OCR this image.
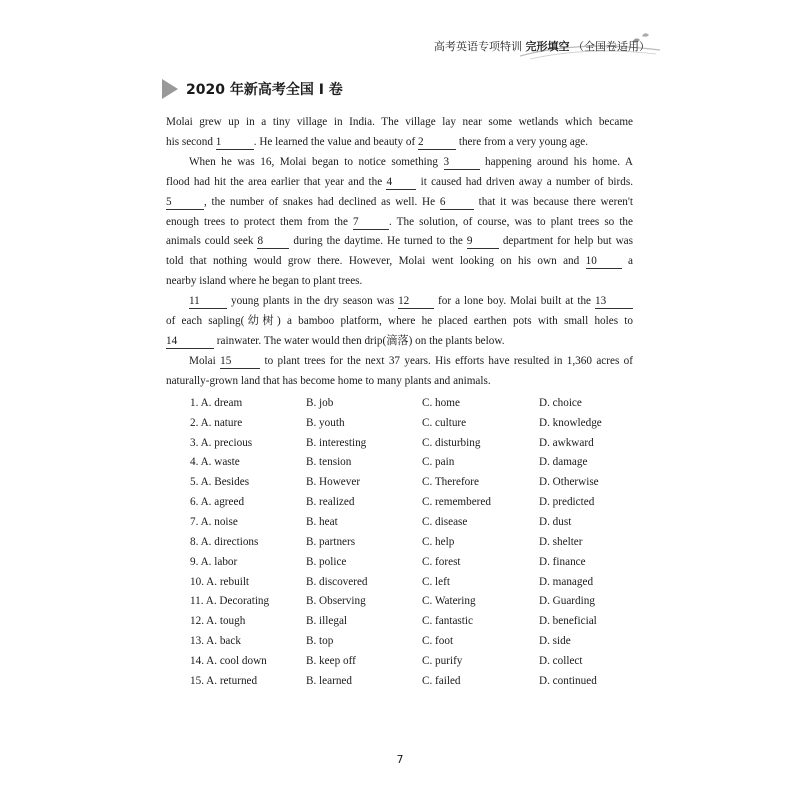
高考英语专项特训 完形填空 （全国卷适用）
2020 年新高考全国 I 卷

Molai grew up in a tiny village in India. The village lay near some wetlands which became

his second 1	. He learned the value and beauty of 2	there from a very young age.

When he was 16, Molai began to notice something 3	happening around his home. A

flood had hit the area earlier that year and the 4 it caused had driven away a number of birds.

5	, the number of snakes had declined as well. He 6	that it was because there weren't

enough trees to protect them from the 7	. The solution, of course, was to plant trees so the

animals could seek 8 during the daytime. He turned to the 9 department for help but was

told that nothing would grow there. However, Molai went looking on his own and 10 a

nearby island where he began to plant trees.

11 young plants in the dry season was 12 for a lone boy. Molai built at the 13

of each sapling(幼树) a bamboo platform, where he placed earthen pots with small holes to

14	rainwater. The water would then drip(滴落) on the plants below.

Molai 15	to plant trees for the next 37 years. His efforts have resulted in 1,360 acres of

naturally-grown land that has become home to many plants and animals.

1. A. dream	B. job	C. home	D. choice
2. A. nature	B. youth	C. culture	D. knowledge
3. A. precious	B. interesting	C. disturbing	D. awkward
4. A. waste	B. tension	C. pain	D. damage
5. A. Besides	B. However	C. Therefore	D. Otherwise
6. A. agreed	B. realized	C. remembered	D. predicted
7. A. noise	B. heat	C. disease	D. dust
8. A. directions	B. partners	C. help	D. shelter
9. A. labor	B. police	C. forest	D. finance
10. A. rebuilt	B. discovered	C. left	D. managed
11. A. Decorating	B. Observing	C. Watering	D. Guarding
12. A. tough	B. illegal	C. fantastic	D. beneficial
13. A. back	B. top	C. foot	D. side
14. A. cool down	B. keep off	C. purify	D. collect
15. A. returned	B. learned	C. failed	D. continued
7
